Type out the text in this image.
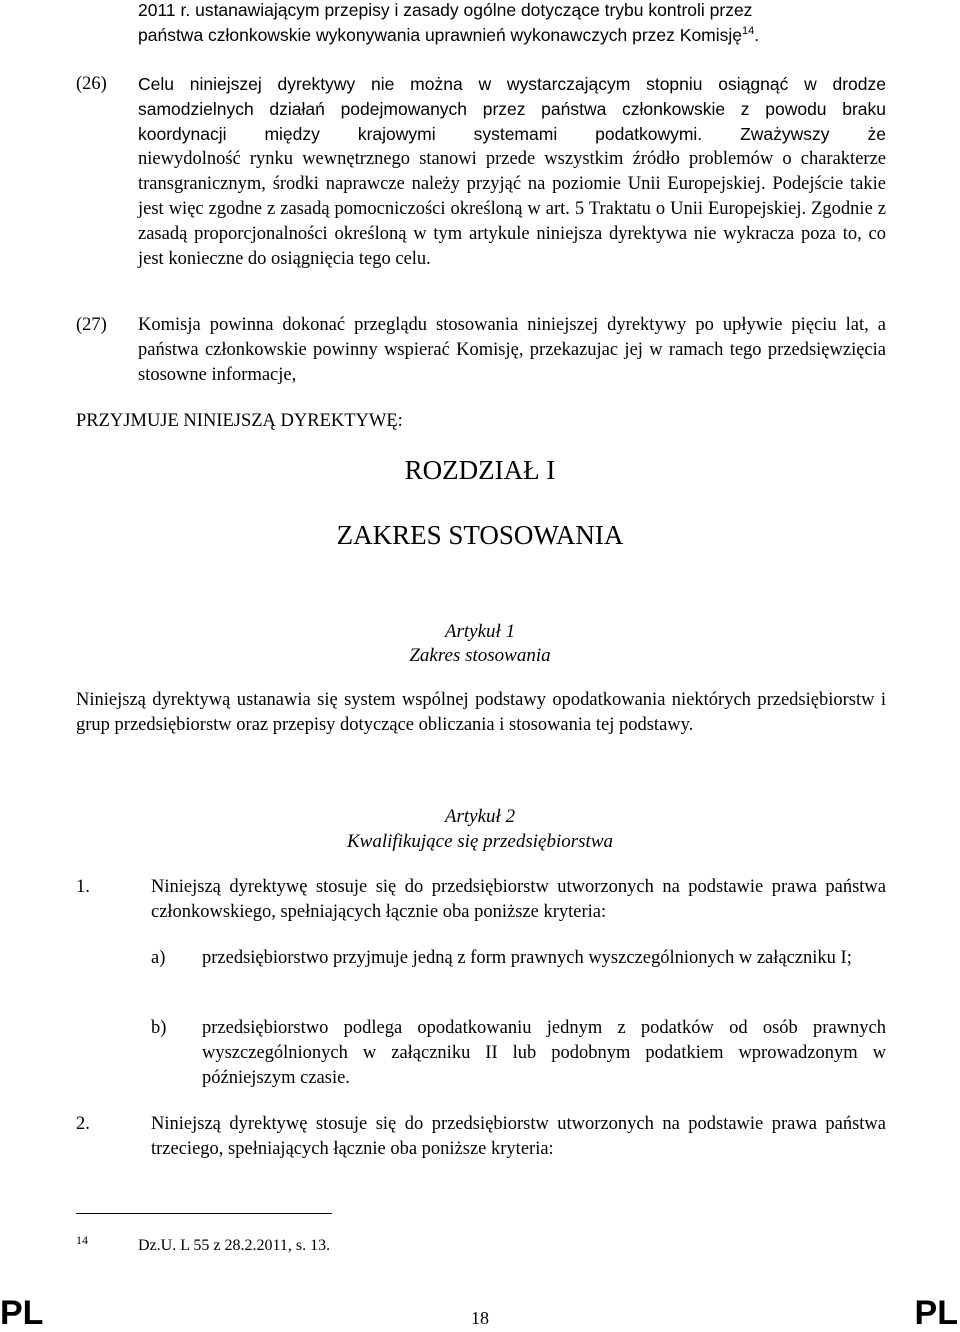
2011 r. ustanawiającym przepisy i zasady ogólne dotyczące trybu kontroli przez
państwa członkowskie wykonywania uprawnień wykonawczych przez Komisję$^{14}$.
(26) Celu niniejszej dyrektywy nie można w wystarczającym stopniu osiągnąć w drodze samodzielnych działań podejmowanych przez państwa członkowskie z powodu braku koordynacji między krajowymi systemami podatkowymi. Zważywszy że
niewydolność rynku wewnętrznego stanowi przede wszystkim źródło problemów o charakterze transgranicznym, środki naprawcze należy przyjąć na poziomie Unii Europejskiej. Podejście takie jest więc zgodne z zasadą pomocniczości określoną w art. 5 Traktatu o Unii Europejskiej. Zgodnie z zasadą proporcjonalności określoną w tym artykule niniejsza dyrektywa nie wykracza poza to, co jest konieczne do osiągnięcia tego celu.
(27) Komisja powinna dokonać przeglądu stosowania niniejszej dyrektywy po upływie pięciu lat, a państwa członkowskie powinny wspierać Komisję, przekazujac jej w ramach tego przedsięwzięcia stosowne informacje,
PRZYJMUJE NINIEJSZĄ DYREKTYWĘ:
ROZDZIAŁ I
ZAKRES STOSOWANIA
Artykuł 1
Zakres stosowania
Niniejszą dyrektywą ustanawia się system wspólnej podstawy opodatkowania niektórych przedsiębiorstw i grup przedsiębiorstw oraz przepisy dotyczące obliczania i stosowania tej podstawy.
Artykuł 2
Kwalifikujące się przedsiębiorstwa
1.	Niniejszą dyrektywę stosuje się do przedsiębiorstw utworzonych na podstawie prawa państwa członkowskiego, spełniających łącznie oba poniższe kryteria:
a) przedsiębiorstwo przyjmuje jedną z form prawnych wyszczególnionych w załączniku I;
b) przedsiębiorstwo podlega opodatkowaniu jednym z podatków od osób prawnych wyszczególnionych w załączniku II lub podobnym podatkiem wprowadzonym w późniejszym czasie.
2.	Niniejszą dyrektywę stosuje się do przedsiębiorstw utworzonych na podstawie prawa państwa trzeciego, spełniających łącznie oba poniższe kryteria:
14	Dz.U. L 55 z 28.2.2011, s. 13.
PL	18	PL
